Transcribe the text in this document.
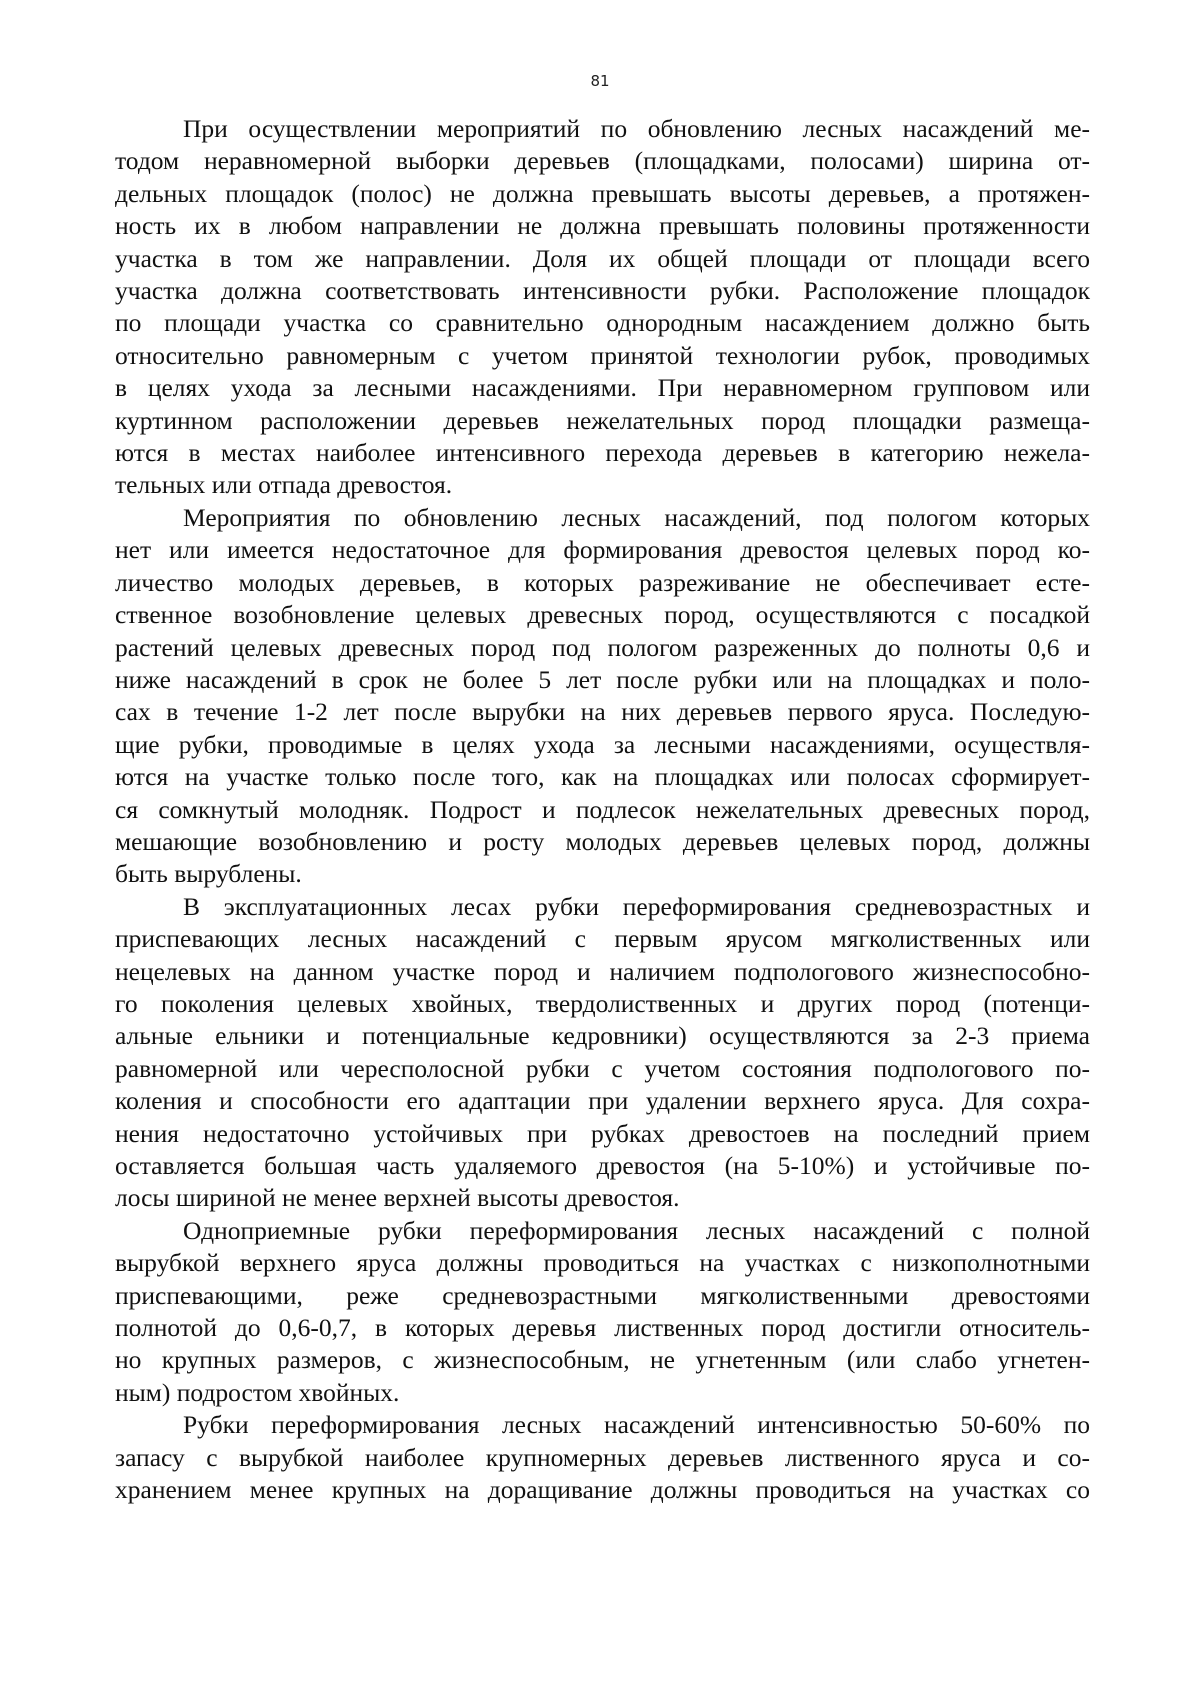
81
При осуществлении мероприятий по обновлению лесных насаждений ме-
тодом неравномерной выборки деревьев (площадками, полосами) ширина от-
дельных площадок (полос) не должна превышать высоты деревьев, а протяжен-
ность их в любом направлении не должна превышать половины протяженности
участка в том же направлении. Доля их общей площади от площади всего
участка должна соответствовать интенсивности рубки. Расположение площадок
по площади участка со сравнительно однородным насаждением должно быть
относительно равномерным с учетом принятой технологии рубок, проводимых
в целях ухода за лесными насаждениями. При неравномерном групповом или
куртинном расположении деревьев нежелательных пород площадки размеща-
ются в местах наиболее интенсивного перехода деревьев в категорию нежела-
тельных или отпада древостоя.
Мероприятия по обновлению лесных насаждений, под пологом которых
нет или имеется недостаточное для формирования древостоя целевых пород ко-
личество молодых деревьев, в которых разреживание не обеспечивает есте-
ственное возобновление целевых древесных пород, осуществляются с посадкой
растений целевых древесных пород под пологом разреженных до полноты 0,6 и
ниже насаждений в срок не более 5 лет после рубки или на площадках и поло-
сах в течение 1-2 лет после вырубки на них деревьев первого яруса. Последую-
щие рубки, проводимые в целях ухода за лесными насаждениями, осуществля-
ются на участке только после того, как на площадках или полосах сформирует-
ся сомкнутый молодняк. Подрост и подлесок нежелательных древесных пород,
мешающие возобновлению и росту молодых деревьев целевых пород, должны
быть вырублены.
В эксплуатационных лесах рубки переформирования средневозрастных и
приспевающих лесных насаждений с первым ярусом мягколиственных или
нецелевых на данном участке пород и наличием подпологового жизнеспособно-
го поколения целевых хвойных, твердолиственных и других пород (потенци-
альные ельники и потенциальные кедровники) осуществляются за 2-3 приема
равномерной или чересполосной рубки с учетом состояния подпологового по-
коления и способности его адаптации при удалении верхнего яруса. Для сохра-
нения недостаточно устойчивых при рубках древостоев на последний прием
оставляется большая часть удаляемого древостоя (на 5-10%) и устойчивые по-
лосы шириной не менее верхней высоты древостоя.
Одноприемные рубки переформирования лесных насаждений с полной
вырубкой верхнего яруса должны проводиться на участках с низкополнотными
приспевающими, реже средневозрастными мягколиственными древостоями
полнотой до 0,6-0,7, в которых деревья лиственных пород достигли относитель-
но крупных размеров, с жизнеспособным, не угнетенным (или слабо угнетен-
ным) подростом хвойных.
Рубки переформирования лесных насаждений интенсивностью 50-60% по
запасу с вырубкой наиболее крупномерных деревьев лиственного яруса и со-
хранением менее крупных на доращивание должны проводиться на участках со
